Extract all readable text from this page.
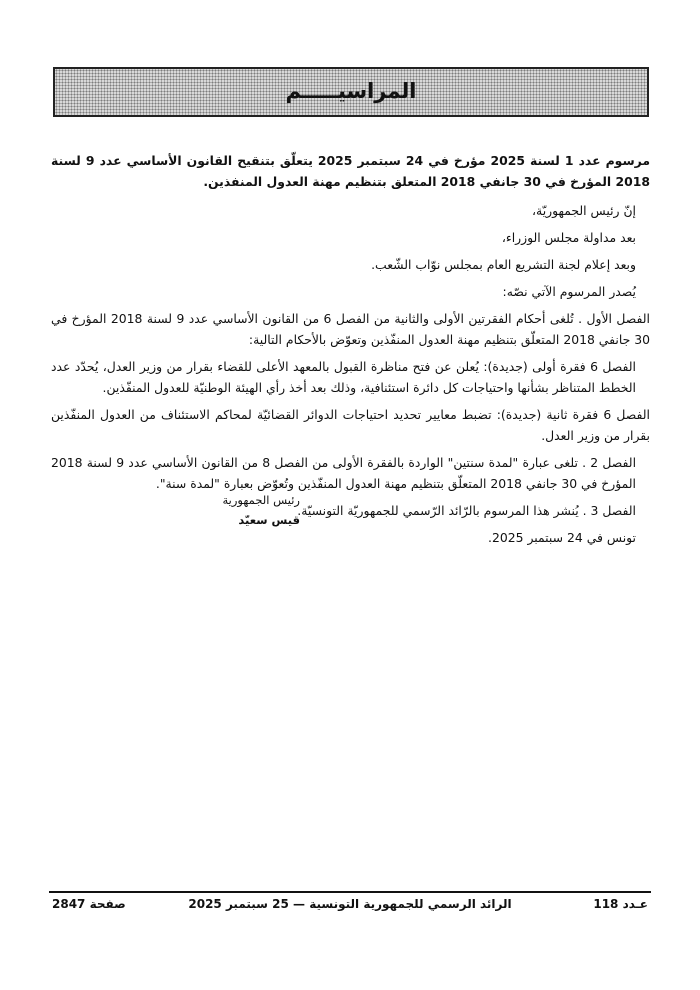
المراسيـــــم

مرسوم عدد 1 لسنة 2025 مؤرخ في 24 سبتمبر 2025 يتعلّق بتنقيح القانون الأساسي عدد 9 لسنة 2018 المؤرخ في 30 جانفي 2018 المتعلق بتنظيم مهنة العدول المنفذين.

إنّ رئيس الجمهوريّة،

بعد مداولة مجلس الوزراء،

وبعد إعلام لجنة التشريع العام بمجلس نوّاب الشّعب.

يُصدر المرسوم الآتي نصّه:

الفصل الأول . تُلغى أحكام الفقرتين الأولى والثانية من الفصل 6 من القانون الأساسي عدد 9 لسنة 2018 المؤرخ في 30 جانفي 2018 المتعلّق بتنظيم مهنة العدول المنفّذين وتعوّض بالأحكام التالية:

الفصل 6 فقرة أولى (جديدة): يُعلن عن فتح مناظرة القبول بالمعهد الأعلى للقضاء بقرار من وزير العدل، يُحدّد عدد الخطط المتناظر بشأنها واحتياجات كل دائرة استئنافية، وذلك بعد أخذ رأي الهيئة الوطنيّة للعدول المنفّذين.

الفصل 6 فقرة ثانية (جديدة): تضبط معايير تحديد احتياجات الدوائر القضائيّة لمحاكم الاستئناف من العدول المنفّذين بقرار من وزير العدل.

الفصل 2 . تلغى عبارة "لمدة سنتين" الواردة بالفقرة الأولى من الفصل 8 من القانون الأساسي عدد 9 لسنة 2018 المؤرخ في 30 جانفي 2018 المتعلّق بتنظيم مهنة العدول المنفّذين وتُعوّض بعبارة "لمدة سنة".

الفصل 3 . يُنشر هذا المرسوم بالرّائد الرّسمي للجمهوريّة التونسيّة.

تونس في 24 سبتمبر 2025.

رئيس الجمهورية
قيس سعيّد
عـدد 118
الرائد الرسمي للجمهورية التونسية — 25 سبتمبر 2025
صفحة 2847
